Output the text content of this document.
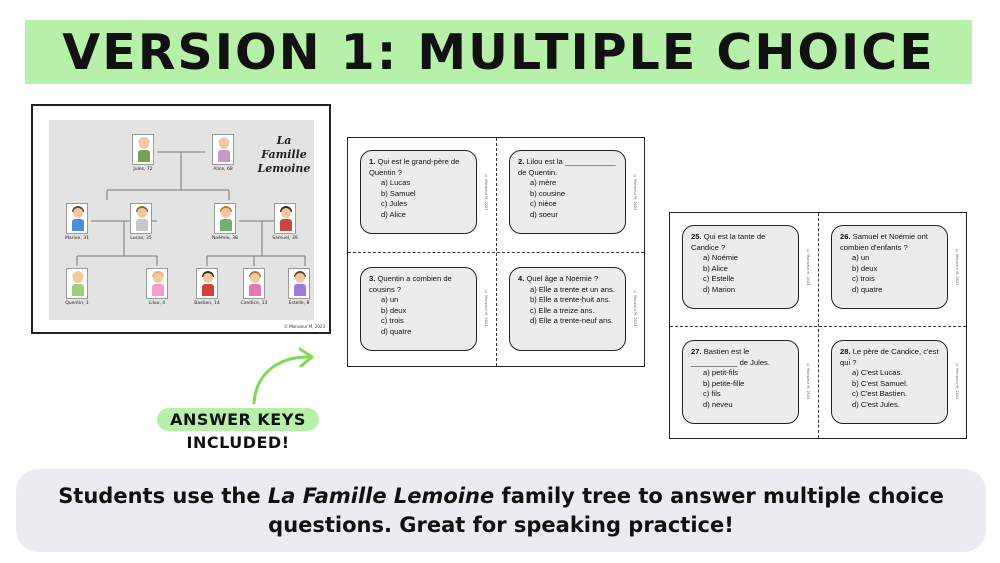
VERSION 1: MULTIPLE CHOICE
La Famille
Lemoine
Jules, 72	Alice, 68
Marion, 31	Lucas, 35	Noémie, 38	Samuel, 39
Quentin, 1	Lilou, 4	Bastien, 14	Candice, 13	Estelle, 8
© Monsieur M, 2023
ANSWER KEYS
INCLUDED!
1. Qui est le grand-père de Quentin ?
a) Lucas
b) Samuel
c) Jules
d) Alice
2. Lilou est la ____________ de Quentin.
a) mère
b) cousine
c) nièce
d) soeur
3. Quentin a combien de cousins ?
a) un
b) deux
c) trois
d) quatre
4. Quel âge a Noémie ?
a) Elle a trente et un ans.
b) Elle a trente-huit ans.
c) Elle a treize ans.
d) Elle a trente-neuf ans.
© Monsieur M, 2023	© Monsieur M, 2023
© Monsieur M, 2023	© Monsieur M, 2023
25. Qui est la tante de Candice ?
a) Noémie
b) Alice
c) Estelle
d) Marion
26. Samuel et Noémie ont combien d'enfants ?
a) un
b) deux
c) trois
d) quatre
27. Bastien est le ___________ de Jules.
a) petit-fils
b) petite-fille
c) fils
d) neveu
28. Le père de Candice, c'est qui ?
a) C'est Lucas.
b) C'est Samuel.
c) C'est Bastien.
d) C'est Jules.
© Monsieur M, 2023	© Monsieur M, 2023
© Monsieur M, 2023	© Monsieur M, 2023

Students use the La Famille Lemoine family tree to answer multiple choice questions. Great for speaking practice!
